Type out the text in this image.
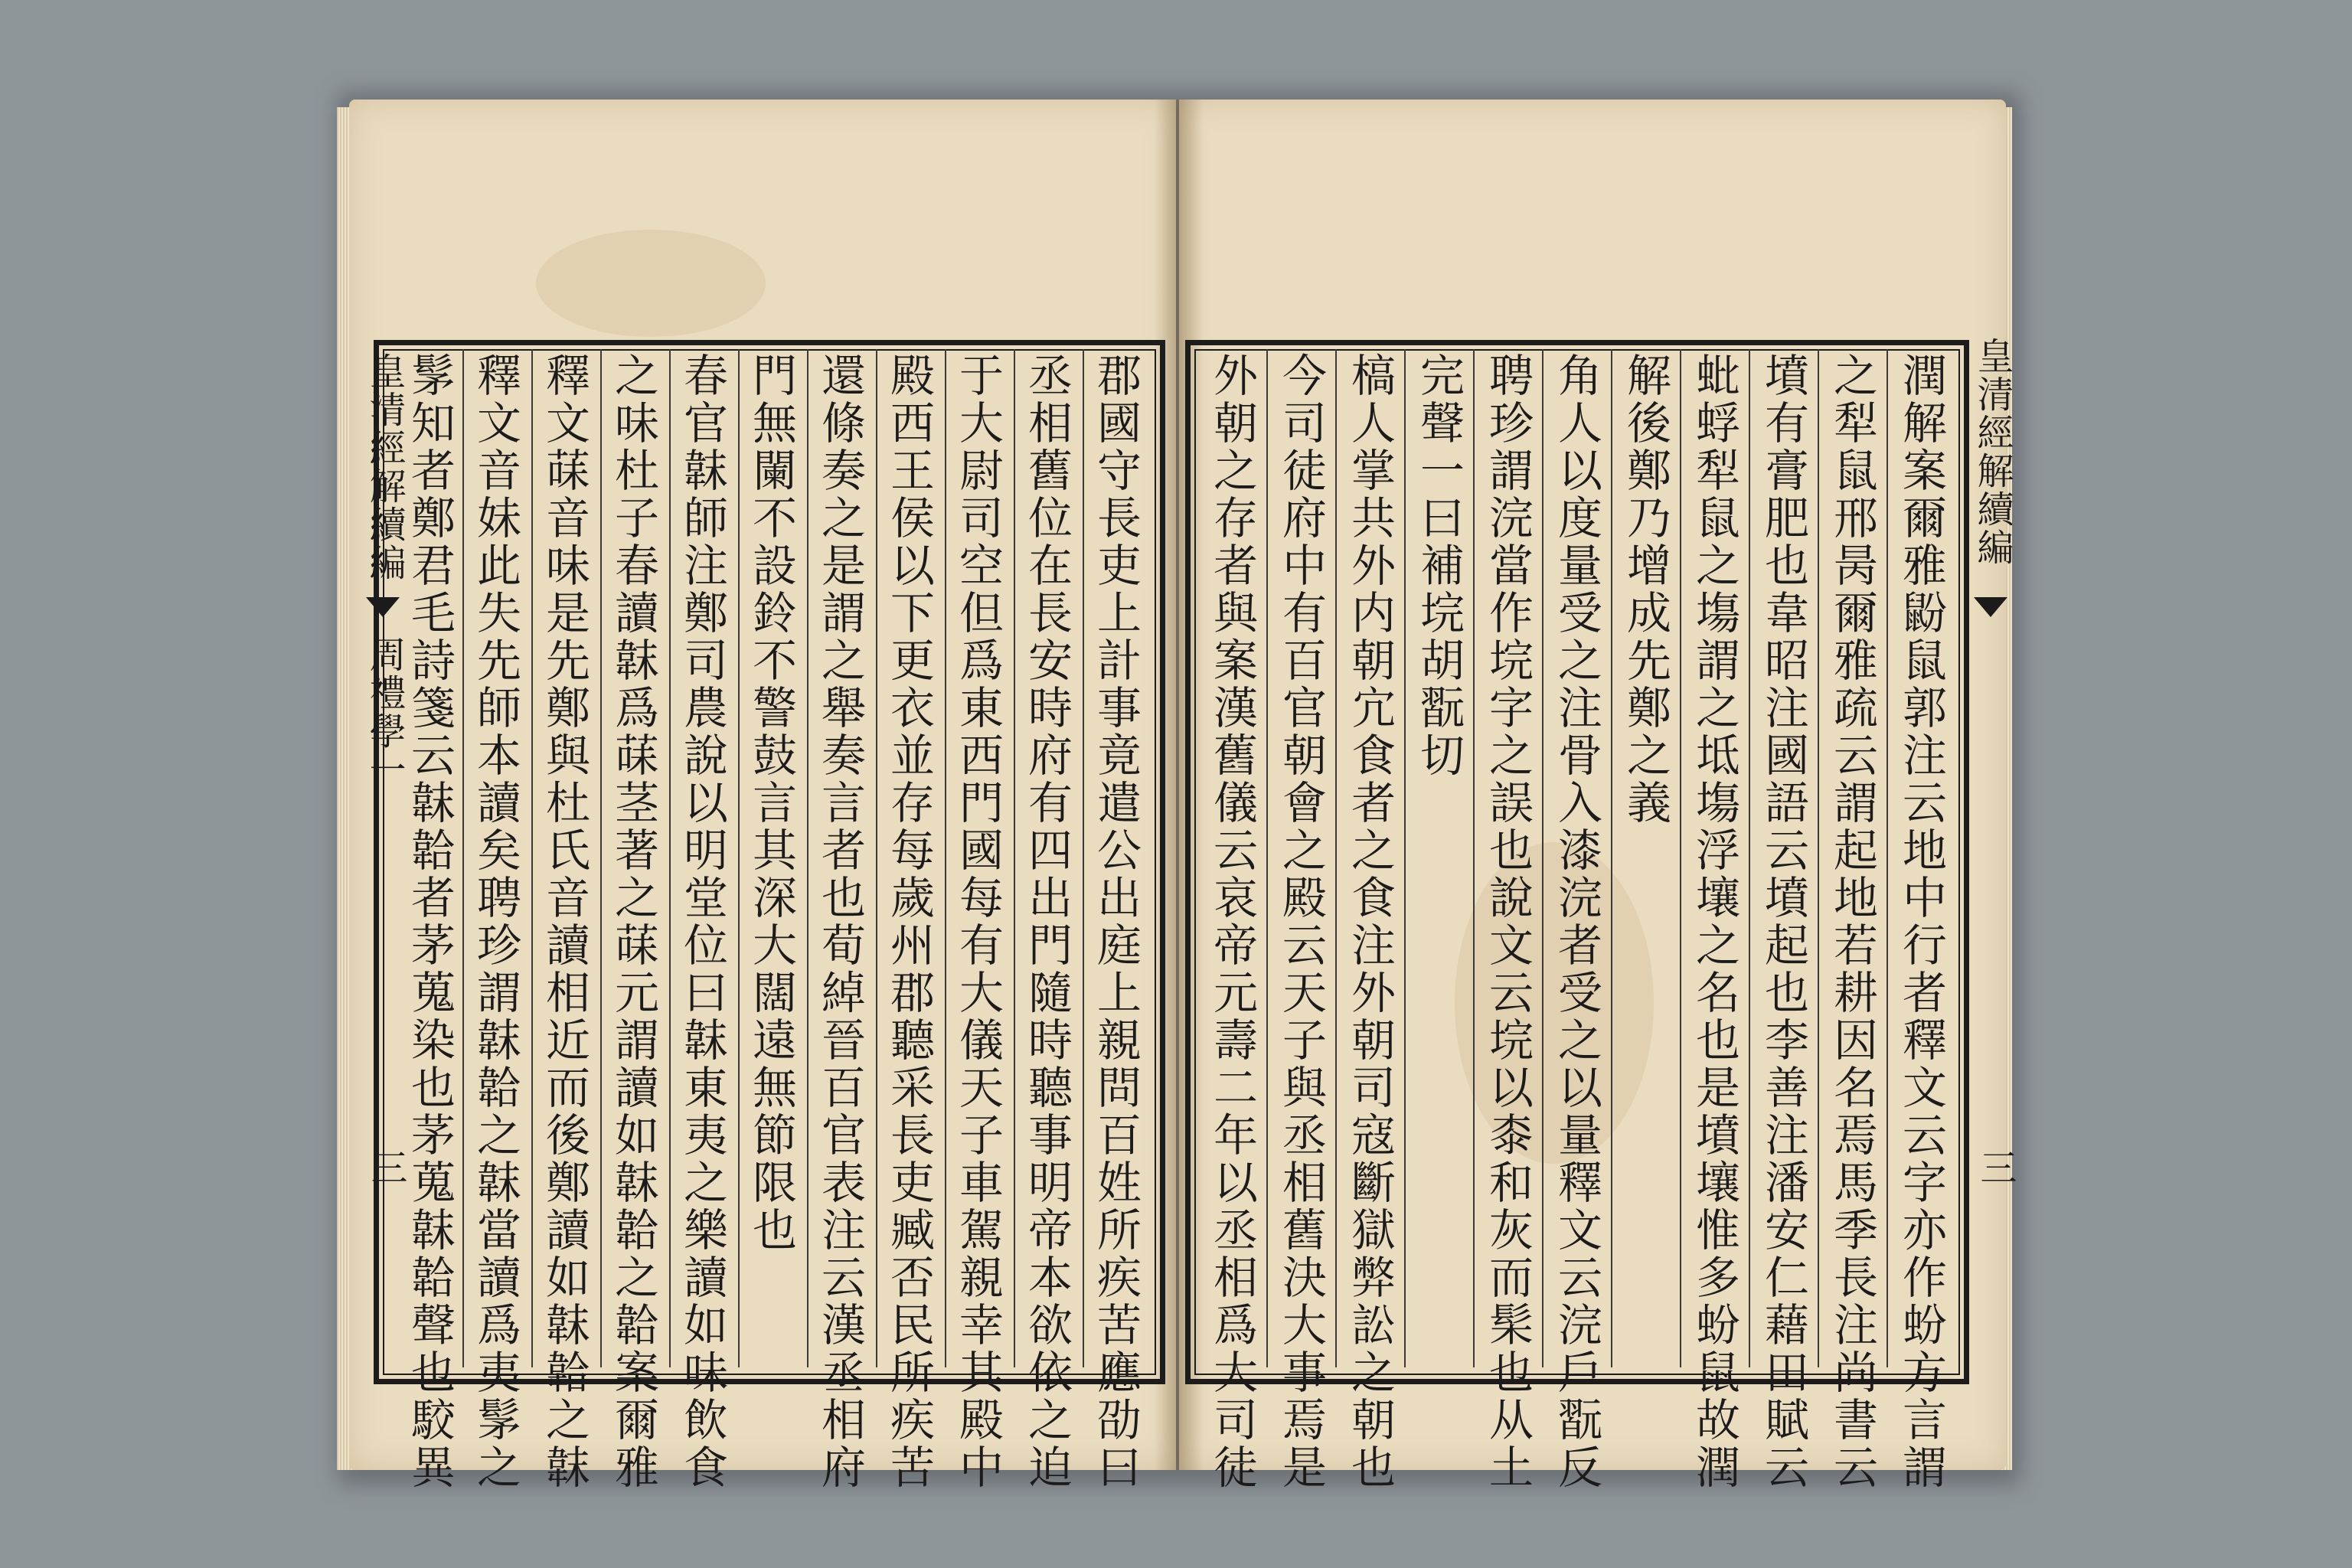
皇清經解續編
周禮學一
三
皇清經解續編
三
郡國守長吏上計事竟遣公出庭上親問百姓所疾苦應劭曰
丞相舊位在長安時府有四出門隨時聽事明帝本欲依之迫
于大尉司空但爲東西門國每有大儀天子車駕親幸其殿中
殿西王侯以下更衣並存每歲州郡聽采長吏臧否民所疾苦
還條奏之是謂之舉奏言者也荀綽晉百官表注云漢丞相府
門無闌不設鈴不警鼓言其深大闊遠無節限也
春官韎師注鄭司農說以明堂位曰韎東夷之樂讀如味飲食
之味杜子春讀韎爲菋茎著之菋元謂讀如韎韐之韐案爾雅
釋文菋音味是先鄭與杜氏音讀相近而後鄭讀如韎韐之韎
釋文音妹此失先師本讀矣聘珍謂韎韐之韎當讀爲夷髳之
髳知者鄭君毛詩箋云韎韐者茅蒐染也茅蒐韎韐聲也駮異	潤解案爾雅鼢鼠郭注云地中行者釋文云字亦作蚡方言謂
之犁鼠邢昺爾雅疏云謂起地若耕因名焉馬季長注尚書云
墳有膏肥也韋昭注國語云墳起也李善注潘安仁藉田賦云
蚍蜉犁鼠之塲謂之坻塲浮壤之名也是墳壤惟多蚡鼠故潤
解後鄭乃增成先鄭之義
角人以度量受之注骨入漆浣者受之以量釋文云浣戶翫反
聘珍謂浣當作垸字之誤也說文云垸以桼和灰而髤也从土
完聲一曰補垸胡翫切
槁人掌共外内朝宂食者之食注外朝司寇斷獄弊訟之朝也
今司徒府中有百官朝會之殿云天子與丞相舊決大事焉是
外朝之存者與案漢舊儀云哀帝元壽二年以丞相爲大司徒
